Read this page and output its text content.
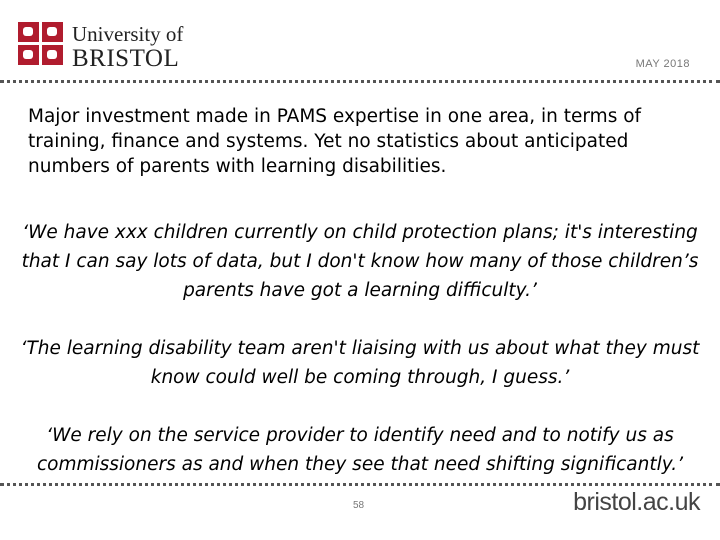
University of
BRISTOL	MAY 2018
Major investment made in PAMS expertise in one area, in terms of training, finance and systems. Yet no statistics about anticipated numbers of parents with learning disabilities.
‘We have xxx children currently on child protection plans; it's interesting that I can say lots of data, but I don't know how many of those children’s parents have got a learning difficulty.’
‘The learning disability team aren't liaising with us about what they must know could well be coming through, I guess.’
‘We rely on the service provider to identify need and to notify us as commissioners as and when they see that need shifting significantly.’
58	bristol.ac.uk
